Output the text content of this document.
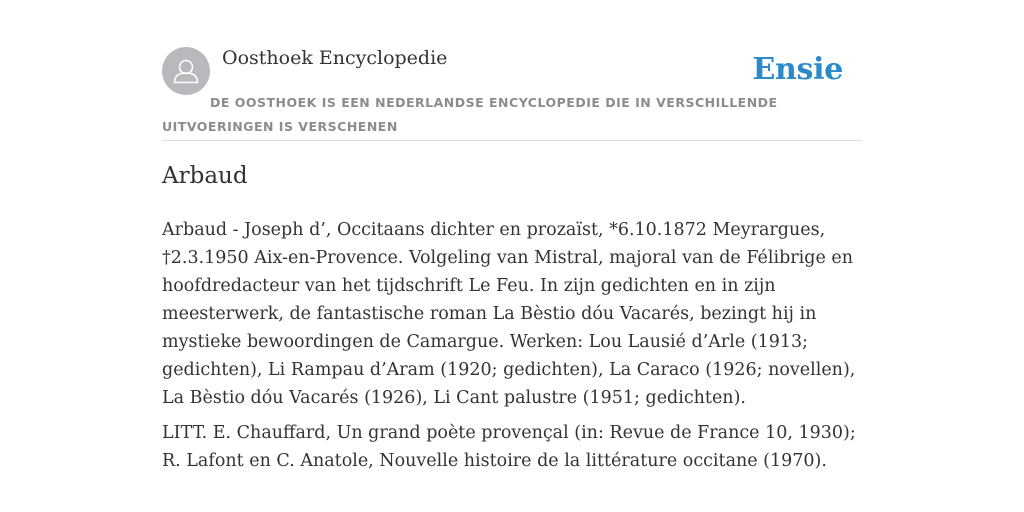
Oosthoek Encyclopedie	Ensie
DE OOSTHOEK IS EEN NEDERLANDSE ENCYCLOPEDIE DIE IN VERSCHILLENDE UITVOERINGEN IS VERSCHENEN
Arbaud

Arbaud - Joseph d’, Occitaans dichter en prozaïst, *6.10.1872 Meyrargues, †2.3.1950 Aix-en-Provence. Volgeling van Mistral, majoral van de Félibrige en hoofdredacteur van het tijdschrift Le Feu. In zijn gedichten en in zijn meesterwerk, de fantastische roman La Bèstio dóu Vacarés, bezingt hij in mystieke bewoordingen de Camargue. Werken: Lou Lausié d’Arle (1913; gedichten), Li Rampau d’Aram (1920; gedichten), La Caraco (1926; novellen), La Bèstio dóu Vacarés (1926), Li Cant palustre (1951; gedichten).

LITT. E. Chauffard, Un grand poète provençal (in: Revue de France 10, 1930); R. Lafont en C. Anatole, Nouvelle histoire de la littérature occitane (1970).
